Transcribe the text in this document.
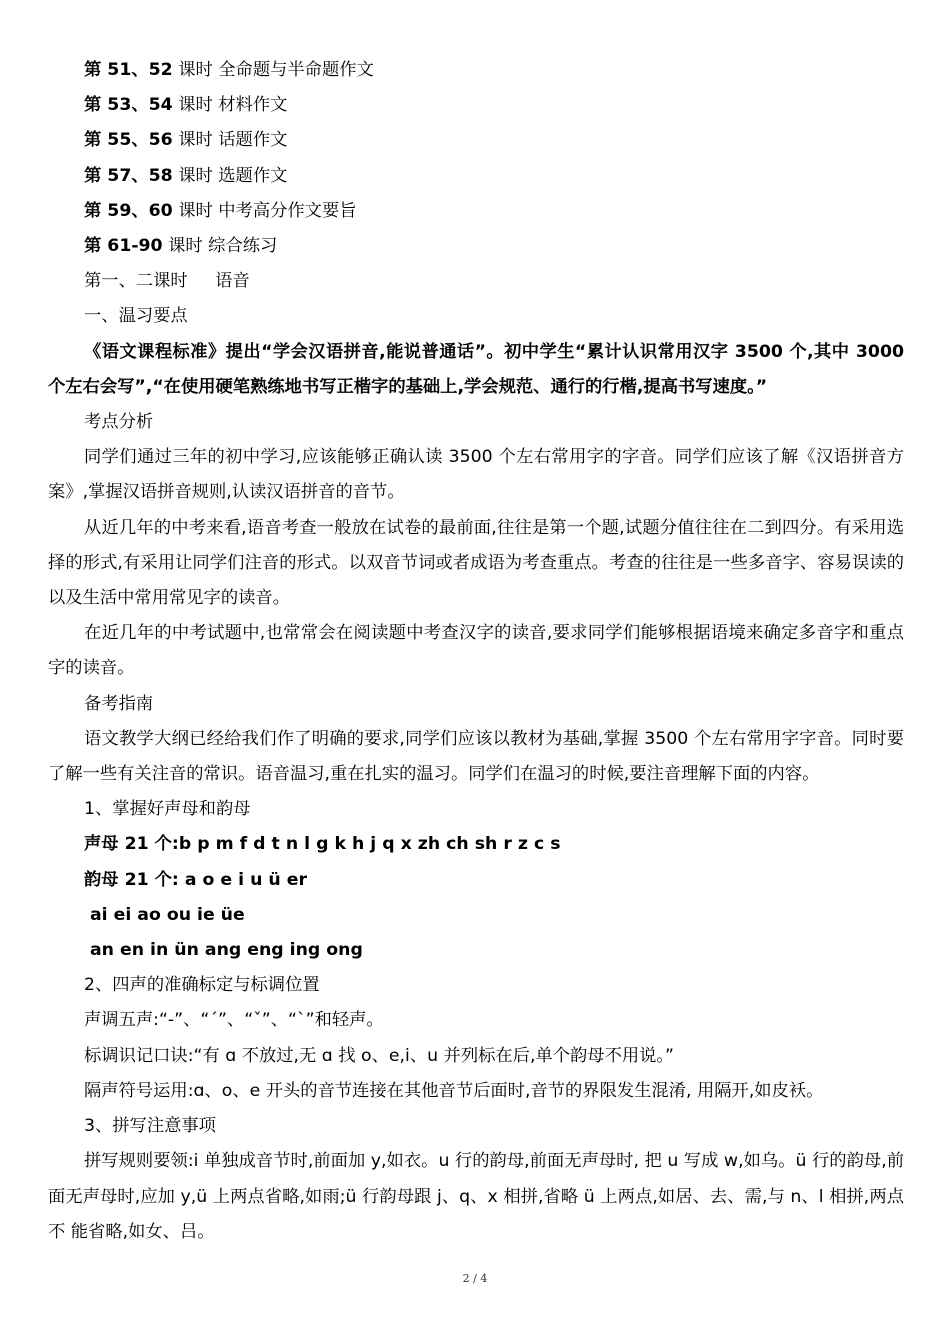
第 51、52 课时 全命题与半命题作文
第 53、54 课时 材料作文
第 55、56 课时 话题作文
第 57、58 课时 选题作文
第 59、60 课时 中考高分作文要旨
第 61-90 课时 综合练习
第一、二课时     语音
一、温习要点
《语文课程标准》提出“学会汉语拼音,能说普通话”。初中学生“累计认识常用汉字 3500 个,其中 3000 个左右会写”,“在使用硬笔熟练地书写正楷字的基础上,学会规范、通行的行楷,提高书写速度。”
考点分析
同学们通过三年的初中学习,应该能够正确认读 3500 个左右常用字的字音。同学们应该了解《汉语拼音方案》,掌握汉语拼音规则,认读汉语拼音的音节。
从近几年的中考来看,语音考查一般放在试卷的最前面,往往是第一个题,试题分值往往在二到四分。有采用选择的形式,有采用让同学们注音的形式。以双音节词或者成语为考查重点。考查的往往是一些多音字、容易误读的以及生活中常用常见字的读音。
在近几年的中考试题中,也常常会在阅读题中考查汉字的读音,要求同学们能够根据语境来确定多音字和重点字的读音。
备考指南
语文教学大纲已经给我们作了明确的要求,同学们应该以教材为基础,掌握 3500 个左右常用字字音。同时要了解一些有关注音的常识。语音温习,重在扎实的温习。同学们在温习的时候,要注音理解下面的内容。
1、掌握好声母和韵母
声母 21 个:b p m f d t n l g k h j q x zh ch sh r z c s
韵母 21 个: a o e i u ü er
ai ei ao ou ie üe
an en in ün ang eng ing ong
2、四声的准确标定与标调位置
声调五声:“-”、“ˊ”、“ˇ”、“ˋ”和轻声。
标调识记口诀:“有 ɑ 不放过,无 ɑ 找 o、e,i、u 并列标在后,单个韵母不用说。”
隔声符号运用:ɑ、o、e 开头的音节连接在其他音节后面时,音节的界限发生混淆, 用隔开,如皮袄。
3、拼写注意事项
拼写规则要领:i 单独成音节时,前面加 y,如衣。u 行的韵母,前面无声母时, 把 u 写成 w,如乌。ü 行的韵母,前面无声母时,应加 y,ü 上两点省略,如雨;ü 行韵母跟 j、q、x 相拼,省略 ü 上两点,如居、去、需,与 n、l 相拼,两点不 能省略,如女、吕。
2 / 4
